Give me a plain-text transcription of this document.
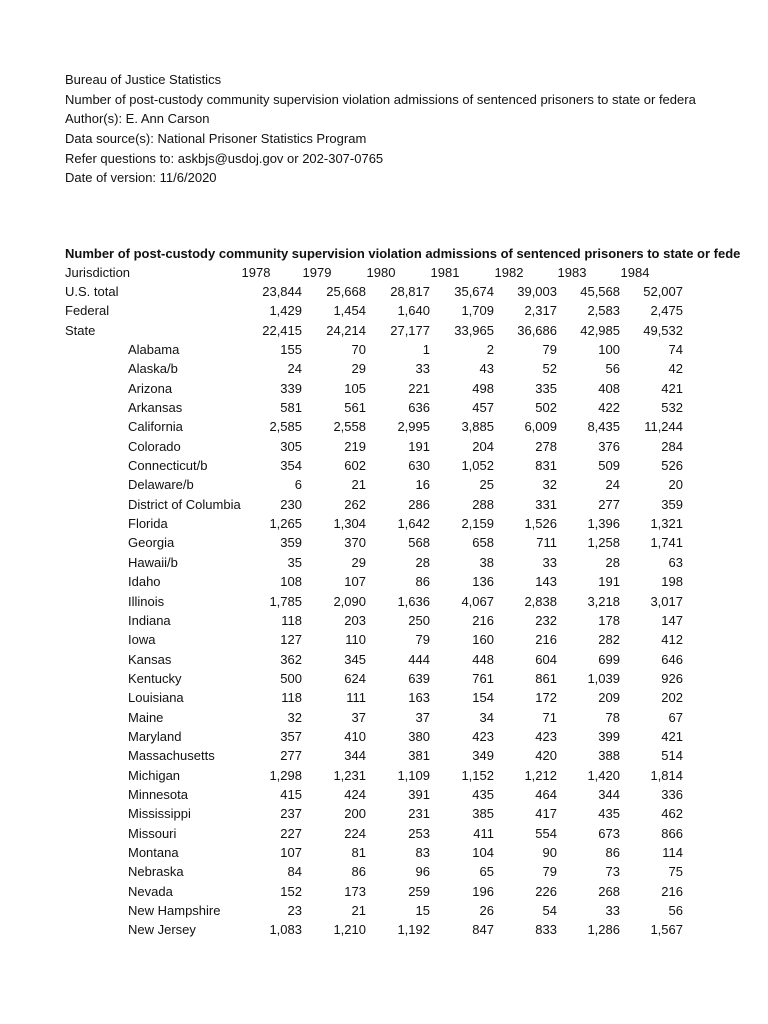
Bureau of Justice Statistics
Number of post-custody community supervision violation admissions of sentenced prisoners to state or federa
Author(s): E. Ann Carson
Data source(s): National Prisoner Statistics Program
Refer questions to: askbjs@usdoj.gov or 202-307-0765
Date of version: 11/6/2020
Number of post-custody community supervision violation admissions of sentenced prisoners to state or fede
Jurisdiction	1978	1979	1980	1981	1982	1983	1984
U.S. total	23,844	25,668	28,817	35,674	39,003	45,568	52,007
Federal	1,429	1,454	1,640	1,709	2,317	2,583	2,475
State	22,415	24,214	27,177	33,965	36,686	42,985	49,532
Alabama	155	70	1	2	79	100	74
Alaska/b	24	29	33	43	52	56	42
Arizona	339	105	221	498	335	408	421
Arkansas	581	561	636	457	502	422	532
California	2,585	2,558	2,995	3,885	6,009	8,435	11,244
Colorado	305	219	191	204	278	376	284
Connecticut/b	354	602	630	1,052	831	509	526
Delaware/b	6	21	16	25	32	24	20
District of Columbia	230	262	286	288	331	277	359
Florida	1,265	1,304	1,642	2,159	1,526	1,396	1,321
Georgia	359	370	568	658	711	1,258	1,741
Hawaii/b	35	29	28	38	33	28	63
Idaho	108	107	86	136	143	191	198
Illinois	1,785	2,090	1,636	4,067	2,838	3,218	3,017
Indiana	118	203	250	216	232	178	147
Iowa	127	110	79	160	216	282	412
Kansas	362	345	444	448	604	699	646
Kentucky	500	624	639	761	861	1,039	926
Louisiana	118	111	163	154	172	209	202
Maine	32	37	37	34	71	78	67
Maryland	357	410	380	423	423	399	421
Massachusetts	277	344	381	349	420	388	514
Michigan	1,298	1,231	1,109	1,152	1,212	1,420	1,814
Minnesota	415	424	391	435	464	344	336
Mississippi	237	200	231	385	417	435	462
Missouri	227	224	253	411	554	673	866
Montana	107	81	83	104	90	86	114
Nebraska	84	86	96	65	79	73	75
Nevada	152	173	259	196	226	268	216
New Hampshire	23	21	15	26	54	33	56
New Jersey	1,083	1,210	1,192	847	833	1,286	1,567
